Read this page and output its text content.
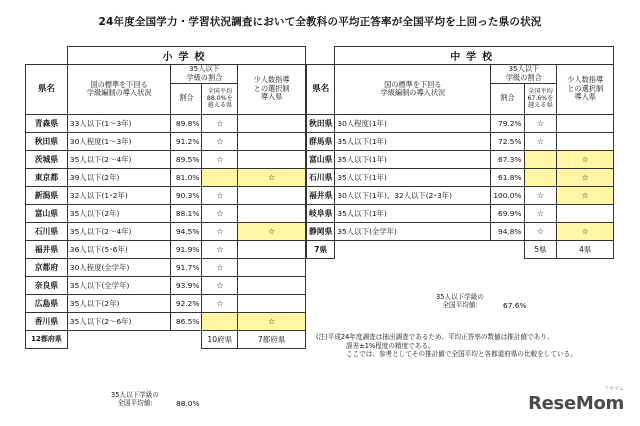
24年度全国学力・学習状況調査において全教科の平均正答率が全国平均を上回った県の状況
	小学校			
県名	国の標準を下回る
学級編制の導入状況	35人以下
学級の割合		少人数指導
との選択制
導入県
		割合	全国平均
88.0%を
越える県	
青森県	33人以下(1〜3年)	89.8%	☆	
秋田県	30人程度(1〜3年)	91.2%	☆	
茨城県	35人以下(2〜4年)	89.5%	☆	
東京都	39人以下(2年)	81.0%		☆
新潟県	32人以下(1･2年)	90.3%	☆	
富山県	35人以下(2年)	88.1%	☆	
石川県	35人以下(2〜4年)	94.5%	☆	☆
福井県	36人以下(5･6年)	91.9%	☆	
京都府	30人程度(全学年)	91.7%	☆	
奈良県	35人以下(全学年)	93.9%	☆	
広島県	35人以下(2年)	92.2%	☆	
香川県	35人以下(2〜6年)	86.5%		☆
12都府県			10府県	7都府県
35人以下学級の
全国平均値:	88.0%
	中学校			
県名	国の標準を下回る
学級編制の導入状況	35人以下
学級の割合		少人数指導
との選択制
導入県
		割合	全国平均
67.6%を
越える県	
秋田県	30人程度(1年)	79.2%	☆	
群馬県	35人以下(1年)	72.5%	☆	
富山県	35人以下(1年)	67.3%		☆
石川県	35人以下(1年)	61.8%		☆
福井県	30人以下(1年)、32人以下(2･3年)	100.0%	☆	☆
岐阜県	35人以下(1年)	69.9%	☆	
静岡県	35人以下(全学年)	94.8%	☆	☆
7県			5県	4県
35人以下学級の
全国平均値:	67.6%
(注)平成24年度調査は抽出調査であるため、平均正答率の数値は推計値であり、
誤差±1%程度の精度である。
ここでは、参考としてその推計値で全国平均と各都道府県の比較をしている。
リセマム
ReseMom
